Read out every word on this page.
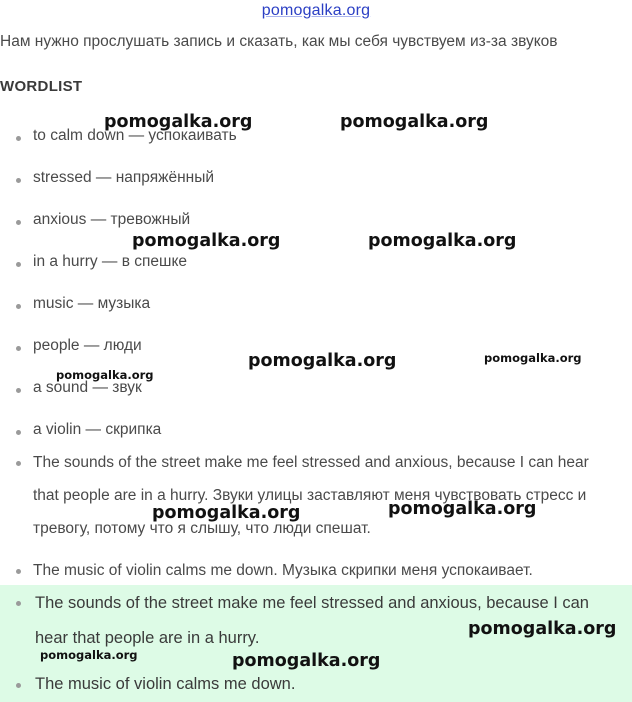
pomogalka.org
Нам нужно прослушать запись и сказать, как мы себя чувствуем из-за звуков
WORDLIST
to calm down — успокаивать
stressed — напряжённый
anxious — тревожный
in a hurry — в спешке
music — музыка
people — люди
a sound — звук
a violin — скрипка
The sounds of the street make me feel stressed and anxious, because I can hear that people are in a hurry. Звуки улицы заставляют меня чувствовать стресс и тревогу, потому что я слышу, что люди спешат.
The music of violin calms me down. Музыка скрипки меня успокаивает.
The sounds of the street make me feel stressed and anxious, because I can hear that people are in a hurry.
The music of violin calms me down.
pomogalka.org	pomogalka.org
pomogalka.org	pomogalka.org
pomogalka.org	pomogalka.org
pomogalka.org
pomogalka.org	pomogalka.org
pomogalka.org
pomogalka.org	pomogalka.org
